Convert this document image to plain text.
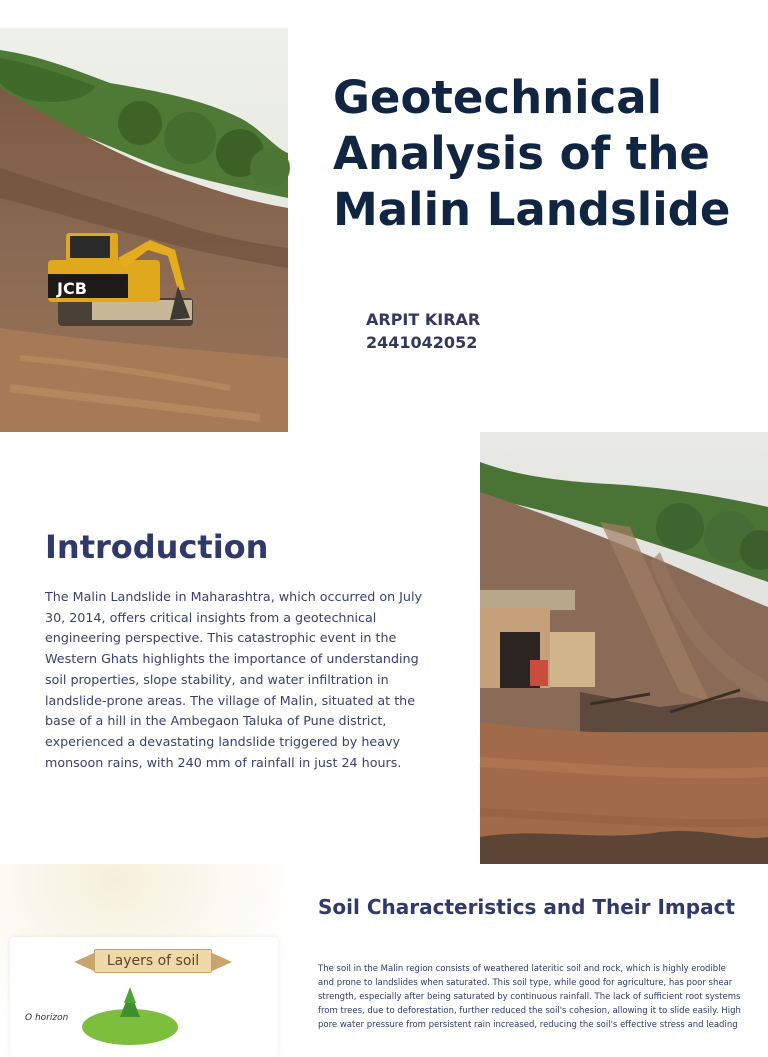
JCB
Geotechnical Analysis of the Malin Landslide
ARPIT KIRAR
2441042052
Introduction

The Malin Landslide in Maharashtra, which occurred on July 30, 2014, offers critical insights from a geotechnical engineering perspective. This catastrophic event in the Western Ghats highlights the importance of understanding soil properties, slope stability, and water infiltration in landslide-prone areas. The village of Malin, situated at the base of a hill in the Ambegaon Taluka of Pune district, experienced a devastating landslide triggered by heavy monsoon rains, with 240 mm of rainfall in just 24 hours.

Layers of soil
O horizon
Soil Characteristics and Their Impact

The soil in the Malin region consists of weathered lateritic soil and rock, which is highly erodible and prone to landslides when saturated. This soil type, while good for agriculture, has poor shear strength, especially after being saturated by continuous rainfall. The lack of sufficient root systems from trees, due to deforestation, further reduced the soil's cohesion, allowing it to slide easily. High pore water pressure from persistent rain increased, reducing the soil's effective stress and leading
